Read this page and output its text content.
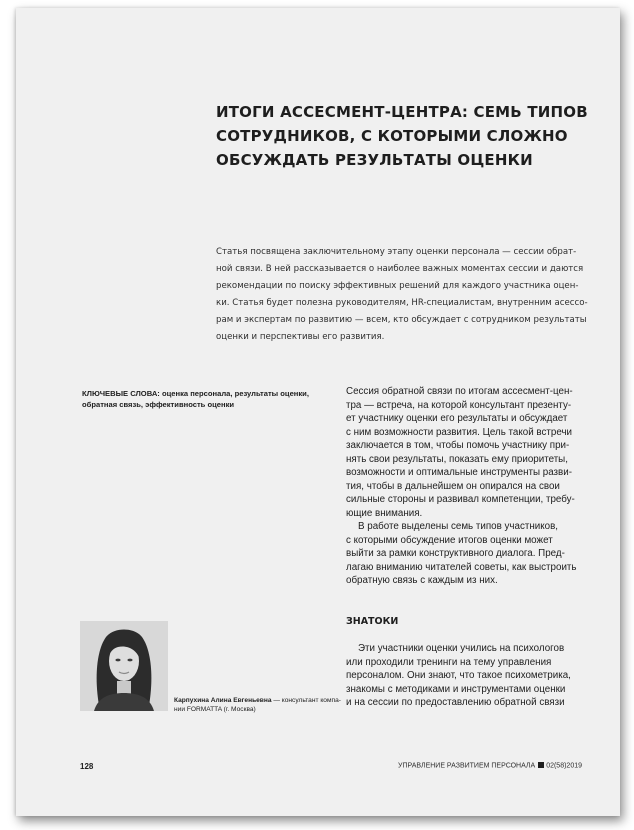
ИТОГИ АССЕСМЕНТ-ЦЕНТРА: СЕМЬ ТИПОВ
СОТРУДНИКОВ, С КОТОРЫМИ СЛОЖНО
ОБСУЖДАТЬ РЕЗУЛЬТАТЫ ОЦЕНКИ

Статья посвящена заключительному этапу оценки персонала — сессии обрат-
ной связи. В ней рассказывается о наиболее важных моментах сессии и даются
рекомендации по поиску эффективных решений для каждого участника оцен-
ки. Статья будет полезна руководителям, HR-специалистам, внутренним асессо-
рам и экспертам по развитию — всем, кто обсуждает с сотрудником результаты
оценки и перспективы его развития.

КЛЮЧЕВЫЕ СЛОВА: оценка персонала, результаты оценки,
обратная связь, эффективность оценки

Сессия обратной связи по итогам ассесмент-цен-
тра — встреча, на которой консультант презенту-
ет участнику оценки его результаты и обсуждает
с ним возможности развития. Цель такой встречи
заключается в том, чтобы помочь участнику при-
нять свои результаты, показать ему приоритеты,
возможности и оптимальные инструменты разви-
тия, чтобы в дальнейшем он опирался на свои
сильные стороны и развивал компетенции, требу-
ющие внимания.
В работе выделены семь типов участников,
с которыми обсуждение итогов оценки может
выйти за рамки конструктивного диалога. Пред-
лагаю вниманию читателей советы, как выстроить
обратную связь с каждым из них.

ЗНАТОКИ

Эти участники оценки учились на психологов
или проходили тренинги на тему управления
персоналом. Они знают, что такое психометрика,
знакомы с методиками и инструментами оценки
и на сессии по предоставлению обратной связи

Карпухина Алина Евгеньевна — консультант компа-
нии FORMATTA (г. Москва)

128	УПРАВЛЕНИЕ РАЗВИТИЕМ ПЕРСОНАЛА 02(58)2019
